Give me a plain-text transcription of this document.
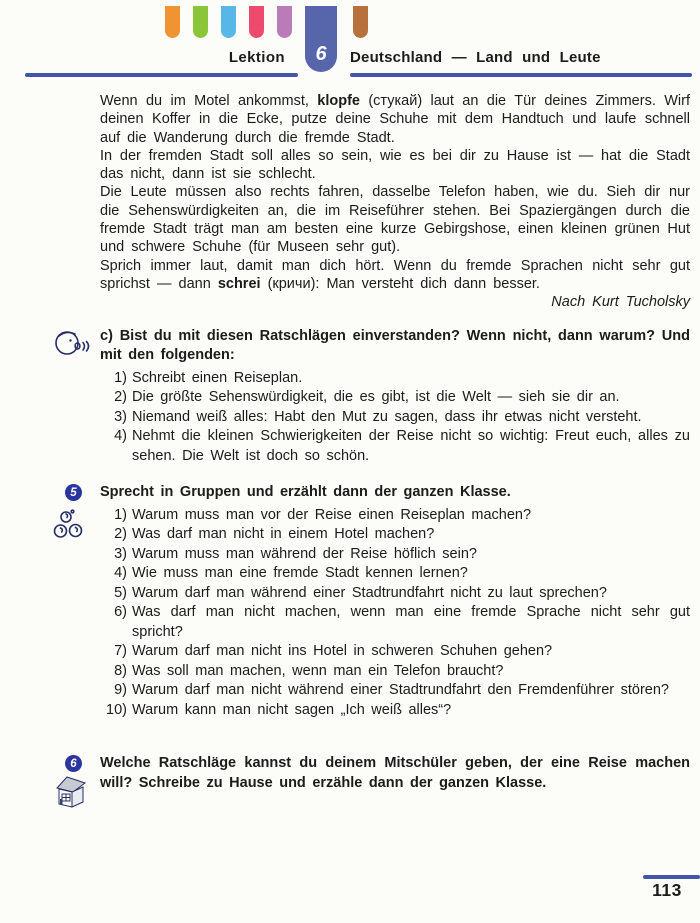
6
Lektion	Deutschland — Land und Leute

Wenn du im Motel ankommst, klopfe (стукай) laut an die Tür deines Zimmers. Wirf deinen Koffer in die Ecke, putze deine Schuhe mit dem Handtuch und laufe schnell auf die Wanderung durch die fremde Stadt.

In der fremden Stadt soll alles so sein, wie es bei dir zu Hause ist — hat die Stadt das nicht, dann ist sie schlecht.

Die Leute müssen also rechts fahren, dasselbe Telefon haben, wie du. Sieh dir nur die Sehenswürdigkeiten an, die im Reiseführer stehen. Bei Spaziergängen durch die fremde Stadt trägt man am besten eine kurze Gebirgshose, einen kleinen grünen Hut und schwere Schuhe (für Museen sehr gut).

Sprich immer laut, damit man dich hört. Wenn du fremde Sprachen nicht sehr gut sprichst — dann schrei (кричи): Man versteht dich dann besser.

Nach Kurt Tucholsky

c) Bist du mit diesen Ratschlägen einverstanden? Wenn nicht, dann warum? Und mit den folgenden:

1) Schreibt einen Reiseplan.
2) Die größte Sehenswürdigkeit, die es gibt, ist die Welt — sieh sie dir an.
3) Niemand weiß alles: Habt den Mut zu sagen, dass ihr etwas nicht versteht.
4) Nehmt die kleinen Schwierigkeiten der Reise nicht so wichtig: Freut euch, alles zu sehen. Die Welt ist doch so schön.
5 Sprecht in Gruppen und erzählt dann der ganzen Klasse.

1) Warum muss man vor der Reise einen Reiseplan machen?
2) Was darf man nicht in einem Hotel machen?
3) Warum muss man während der Reise höflich sein?
4) Wie muss man eine fremde Stadt kennen lernen?
5) Warum darf man während einer Stadtrundfahrt nicht zu laut sprechen?
6) Was darf man nicht machen, wenn man eine fremde Sprache nicht sehr gut spricht?
7) Warum darf man nicht ins Hotel in schweren Schuhen gehen?
8) Was soll man machen, wenn man ein Telefon braucht?
9) Warum darf man nicht während einer Stadtrundfahrt den Fremdenführer stören?
10) Warum kann man nicht sagen „Ich weiß alles“?
6 Welche Ratschläge kannst du deinem Mitschüler geben, der eine Reise machen will? Schreibe zu Hause und erzähle dann der ganzen Klasse.

113
